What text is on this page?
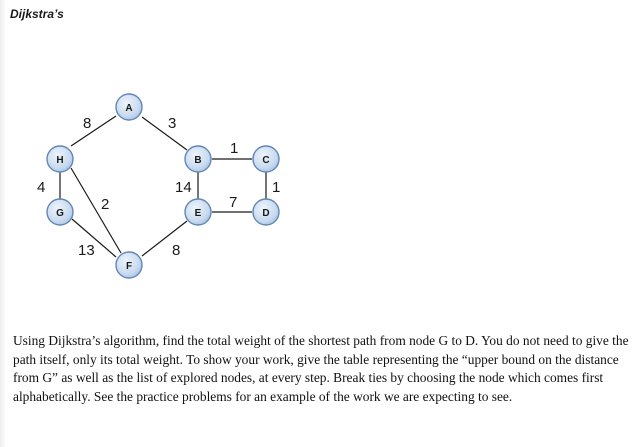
Dijkstra’s
8	3
1
4
2
14	1
7
13	8
A
H	B	C
G	E	D
F

Using Dijkstra’s algorithm, find the total weight of the shortest path from node G to D. You do not need to give the path itself, only its total weight. To show your work, give the table representing the “upper bound on the distance from G” as well as the list of explored nodes, at every step. Break ties by choosing the node which comes first alphabetically. See the practice problems for an example of the work we are expecting to see.
